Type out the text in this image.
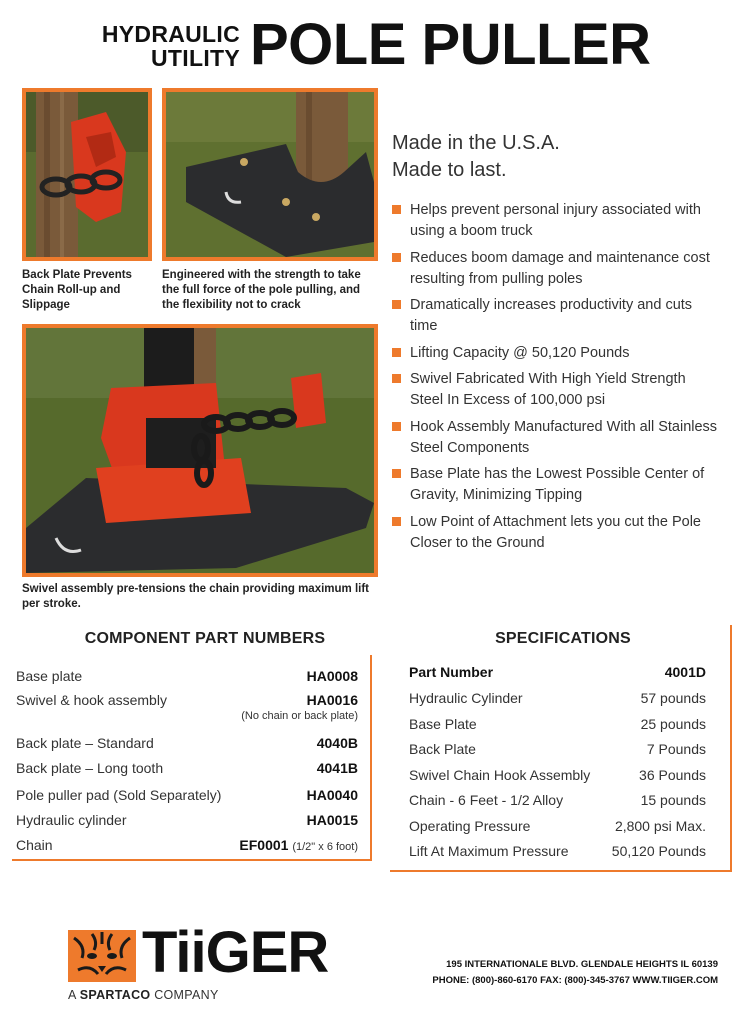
HYDRAULIC
UTILITY POLE PULLER
Back Plate Prevents Chain Roll-up and Slippage
Engineered with the strength to take the full force of the pole pulling, and the flexibility not to crack
Swivel assembly pre-tensions the chain providing maximum lift per stroke.
Made in the U.S.A.
Made to last.
Helps prevent personal injury associated with using a boom truck
Reduces boom damage and maintenance cost resulting from pulling poles
Dramatically increases productivity and cuts time
Lifting Capacity @ 50,120 Pounds
Swivel Fabricated With High Yield Strength Steel In Excess of 100,000 psi
Hook Assembly Manufactured With all Stainless Steel Components
Base Plate has the Lowest Possible Center of Gravity, Minimizing Tipping
Low Point of Attachment lets you cut the Pole Closer to the Ground
COMPONENT PART NUMBERS
Base plate	HA0008
Swivel & hook assembly	HA0016
(No chain or back plate)
Back plate – Standard	4040B
Back plate – Long tooth	4041B
Pole puller pad (Sold Separately)	HA0040
Hydraulic cylinder	HA0015
Chain	EF0001 (1/2" x 6 foot)
SPECIFICATIONS
Part Number	4001D
Hydraulic Cylinder	57 pounds
Base Plate	25 pounds
Back Plate	7 Pounds
Swivel Chain Hook Assembly	36 Pounds
Chain - 6 Feet - 1/2 Alloy	15 pounds
Operating Pressure	2,800 psi Max.
Lift At Maximum Pressure	50,120 Pounds
TiiGER
A SPARTACO COMPANY
195 INTERNATIONALE BLVD. GLENDALE HEIGHTS IL 60139
PHONE: (800)-860-6170 FAX: (800)-345-3767 WWW.TIIGER.COM
